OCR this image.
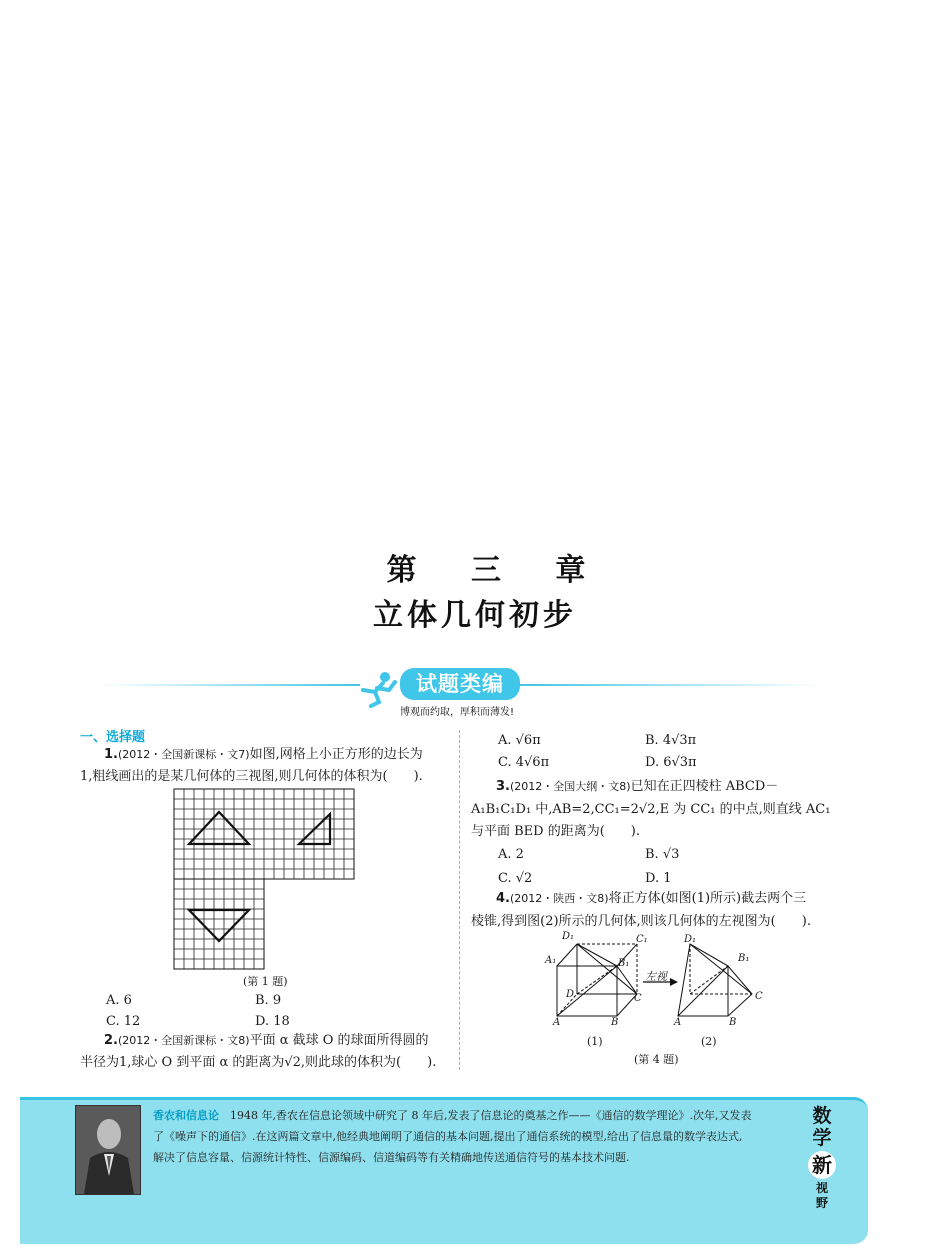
第 三 章
立体几何初步
试题类编
博观而约取，厚积而薄发!
一、选择题
1.(2012・全国新课标・文7)如图,网格上小正方形的边长为
1,粗线画出的是某几何体的三视图,则几何体的体积为(　　).
(第 1 题)
A. 6	B. 9
C. 12	D. 18
2.(2012・全国新课标・文8)平面 α 截球 O 的球面所得圆的
半径为1,球心 O 到平面 α 的距离为√2,则此球的体积为(　　).
A. √6π	B. 4√3π
C. 4√6π	D. 6√3π
3.(2012・全国大纲・文8)已知在正四棱柱 ABCD－
A₁B₁C₁D₁ 中,AB=2,CC₁=2√2,E 为 CC₁ 的中点,则直线 AC₁
与平面 BED 的距离为(　　).
A. 2	B. √3
C. √2	D. 1
4.(2012・陕西・文8)将正方体(如图(1)所示)截去两个三
棱锥,得到图(2)所示的几何体,则该几何体的左视图为(　　).
D₁	C₁
A₁	B₁
D	C
A	B
左视
D₁
B₁
C
A	B
(1)	(2)
(第 4 题)
香农和信息论　 1948 年,香农在信息论领域中研究了 8 年后,发表了信息论的奠基之作——《通信的数学理论》.次年,又发表
了《噪声下的通信》.在这两篇文章中,他经典地阐明了通信的基本问题,提出了通信系统的模型,给出了信息量的数学表达式,
解决了信息容量、信源统计特性、信源编码、信道编码等有关精确地传送通信符号的基本技术问题.
数
学
新
视
野
